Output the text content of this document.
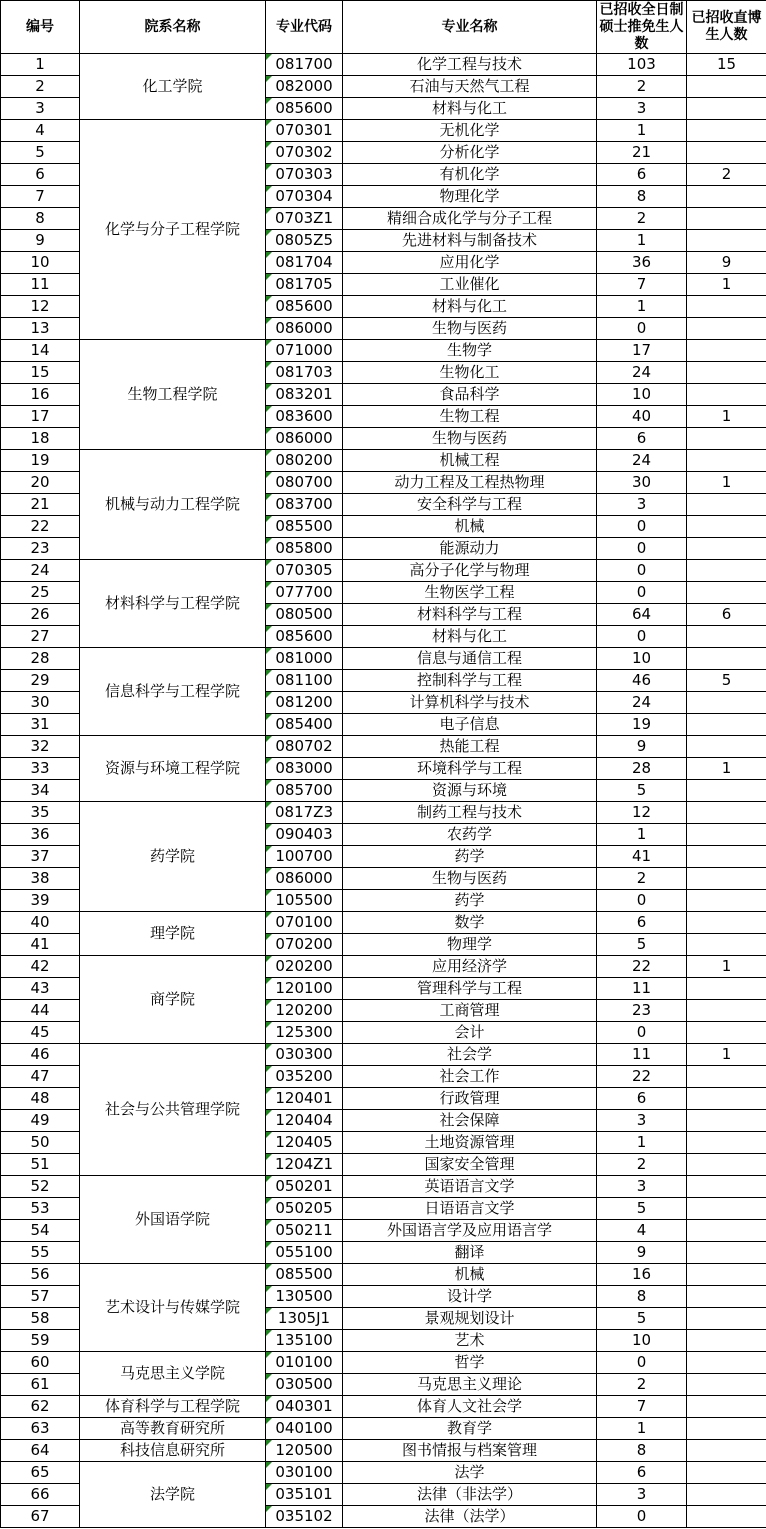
编号	院系名称	专业代码	专业名称	已招收全日制硕士推免生人数	已招收直博生人数
1	化工学院	081700	化学工程与技术	103	15
2		082000	石油与天然气工程	2	
3		085600	材料与化工	3	
4	化学与分子工程学院	070301	无机化学	1	
5		070302	分析化学	21	
6		070303	有机化学	6	2
7		070304	物理化学	8	
8		0703Z1	精细合成化学与分子工程	2	
9		0805Z5	先进材料与制备技术	1	
10		081704	应用化学	36	9
11		081705	工业催化	7	1
12		085600	材料与化工	1	
13		086000	生物与医药	0	
14	生物工程学院	071000	生物学	17	
15		081703	生物化工	24	
16		083201	食品科学	10	
17		083600	生物工程	40	1
18		086000	生物与医药	6	
19	机械与动力工程学院	080200	机械工程	24	
20		080700	动力工程及工程热物理	30	1
21		083700	安全科学与工程	3	
22		085500	机械	0	
23		085800	能源动力	0	
24	材料科学与工程学院	070305	高分子化学与物理	0	
25		077700	生物医学工程	0	
26		080500	材料科学与工程	64	6
27		085600	材料与化工	0	
28	信息科学与工程学院	081000	信息与通信工程	10	
29		081100	控制科学与工程	46	5
30		081200	计算机科学与技术	24	
31		085400	电子信息	19	
32	资源与环境工程学院	080702	热能工程	9	
33		083000	环境科学与工程	28	1
34		085700	资源与环境	5	
35	药学院	0817Z3	制药工程与技术	12	
36		090403	农药学	1	
37		100700	药学	41	
38		086000	生物与医药	2	
39		105500	药学	0	
40	理学院	070100	数学	6	
41		070200	物理学	5	
42	商学院	020200	应用经济学	22	1
43		120100	管理科学与工程	11	
44		120200	工商管理	23	
45		125300	会计	0	
46	社会与公共管理学院	030300	社会学	11	1
47		035200	社会工作	22	
48		120401	行政管理	6	
49		120404	社会保障	3	
50		120405	土地资源管理	1	
51		1204Z1	国家安全管理	2	
52	外国语学院	050201	英语语言文学	3	
53		050205	日语语言文学	5	
54		050211	外国语言学及应用语言学	4	
55		055100	翻译	9	
56	艺术设计与传媒学院	085500	机械	16	
57		130500	设计学	8	
58		1305J1	景观规划设计	5	
59		135100	艺术	10	
60	马克思主义学院	010100	哲学	0	
61		030500	马克思主义理论	2	
62	体育科学与工程学院	040301	体育人文社会学	7	
63	高等教育研究所	040100	教育学	1	
64	科技信息研究所	120500	图书情报与档案管理	8	
65	法学院	030100	法学	6	
66		035101	法律（非法学）	3	
67		035102	法律（法学）	0	
